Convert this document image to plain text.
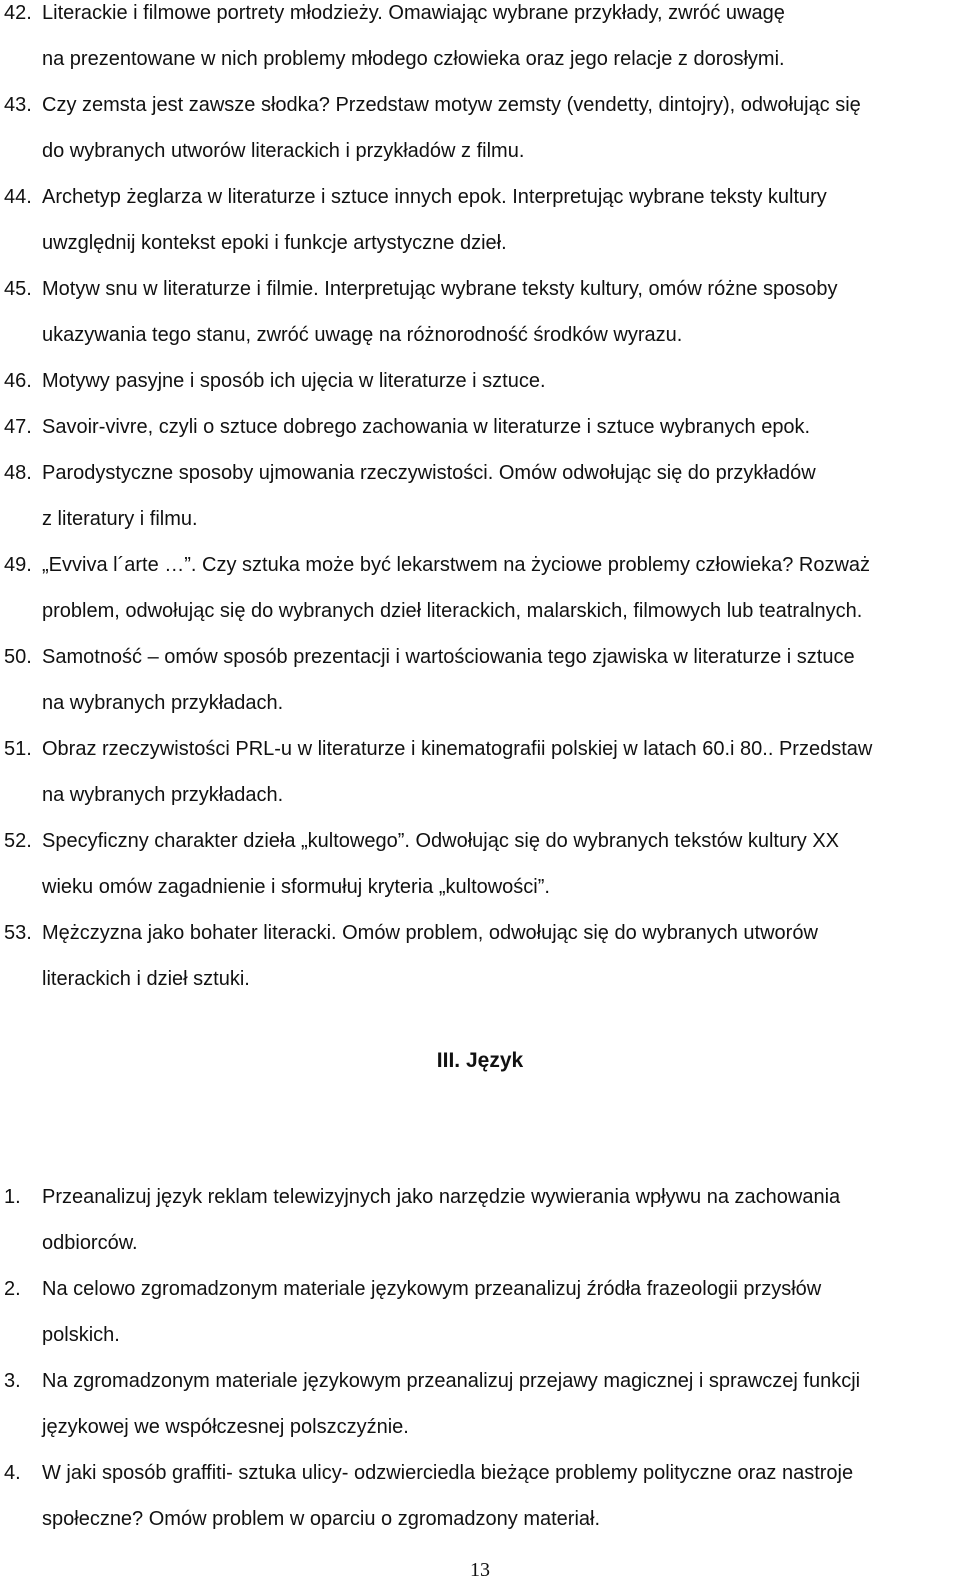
42. Literackie i filmowe portrety młodzieży. Omawiając wybrane przykłady, zwróć uwagę
na prezentowane w nich problemy młodego człowieka oraz jego relacje z dorosłymi.
43. Czy zemsta jest zawsze słodka? Przedstaw motyw zemsty (vendetty, dintojry), odwołując się
do wybranych utworów literackich i przykładów z filmu.
44. Archetyp żeglarza w literaturze i sztuce innych epok. Interpretując wybrane teksty kultury
uwzględnij kontekst epoki i funkcje artystyczne dzieł.
45. Motyw snu w literaturze i filmie. Interpretując wybrane teksty kultury, omów różne sposoby
ukazywania tego stanu, zwróć uwagę na różnorodność środków wyrazu.
46. Motywy pasyjne i sposób ich ujęcia w literaturze i sztuce.
47. Savoir-vivre, czyli o sztuce dobrego zachowania w literaturze i sztuce wybranych epok.
48. Parodystyczne sposoby ujmowania rzeczywistości. Omów odwołując się do przykładów
z literatury i filmu.
49. „Evviva l´arte …”. Czy sztuka może być lekarstwem na życiowe problemy człowieka? Rozważ
problem, odwołując się do wybranych dzieł literackich, malarskich, filmowych lub teatralnych.
50. Samotność – omów sposób prezentacji i wartościowania tego zjawiska w literaturze i sztuce
na wybranych przykładach.
51. Obraz rzeczywistości PRL-u w literaturze i kinematografii polskiej w latach 60.i 80.. Przedstaw
na wybranych przykładach.
52. Specyficzny charakter dzieła „kultowego”. Odwołując się do wybranych tekstów kultury XX
wieku omów zagadnienie i sformułuj kryteria „kultowości”.
53. Mężczyzna jako bohater literacki. Omów problem, odwołując się do wybranych utworów
literackich i dzieł sztuki.
III. Język
1. Przeanalizuj język reklam telewizyjnych jako narzędzie wywierania wpływu na zachowania
odbiorców.
2. Na celowo zgromadzonym materiale językowym przeanalizuj źródła frazeologii przysłów
polskich.
3. Na zgromadzonym materiale językowym przeanalizuj przejawy magicznej i sprawczej funkcji
językowej we współczesnej polszczyźnie.
4. W jaki sposób graffiti- sztuka ulicy- odzwierciedla bieżące problemy polityczne oraz nastroje
społeczne? Omów problem w oparciu o zgromadzony materiał.
13
